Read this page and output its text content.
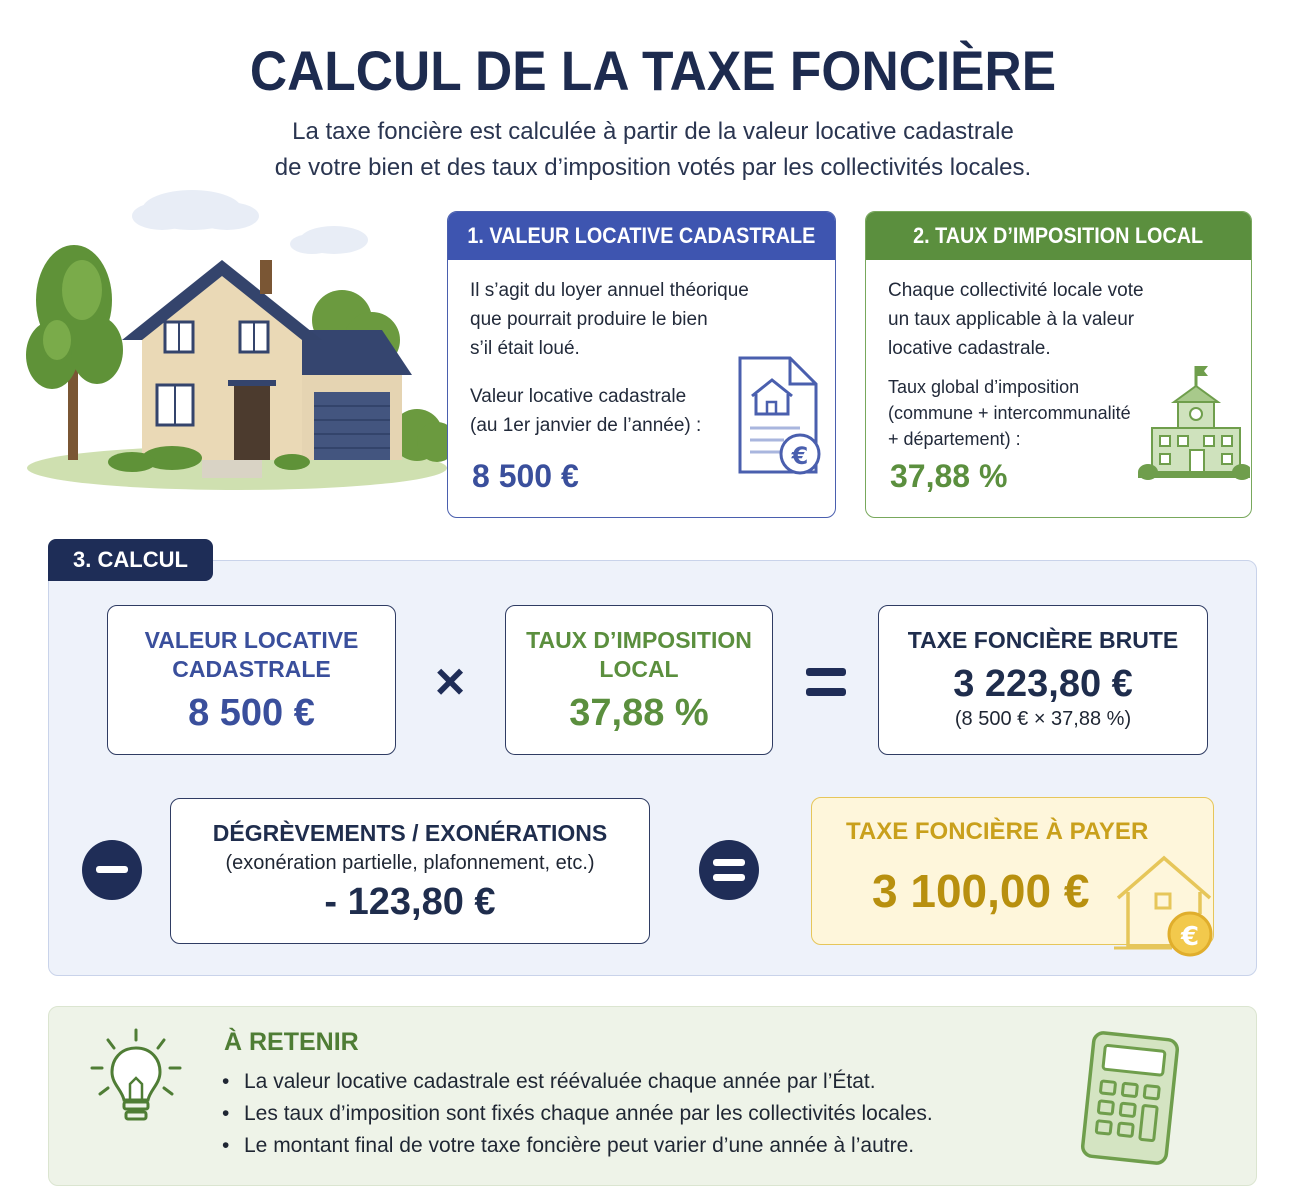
CALCUL DE LA TAXE FONCIÈRE
La taxe foncière est calculée à partir de la valeur locative cadastrale
de votre bien et des taux d’imposition votés par les collectivités locales.
1. VALEUR LOCATIVE CADASTRALE
Il s’agit du loyer annuel théorique
que pourrait produire le bien
s’il était loué.
Valeur locative cadastrale
(au 1er janvier de l’année) :
8 500 €
€
2. TAUX D’IMPOSITION LOCAL
Chaque collectivité locale vote
un taux applicable à la valeur
locative cadastrale.
Taux global d’imposition
(commune + intercommunalité
+ département) :
37,88 %
3. CALCUL
VALEUR LOCATIVE
CADASTRALE
8 500 €
×
TAUX D’IMPOSITION
LOCAL
37,88 %
TAXE FONCIÈRE BRUTE
3 223,80 €
(8 500 € × 37,88 %)
DÉGRÈVEMENTS / EXONÉRATIONS
(exonération partielle, plafonnement, etc.)
- 123,80 €
TAXE FONCIÈRE À PAYER
3 100,00 €
€
À RETENIR
• La valeur locative cadastrale est réévaluée chaque année par l’État.
• Les taux d’imposition sont fixés chaque année par les collectivités locales.
• Le montant final de votre taxe foncière peut varier d’une année à l’autre.
